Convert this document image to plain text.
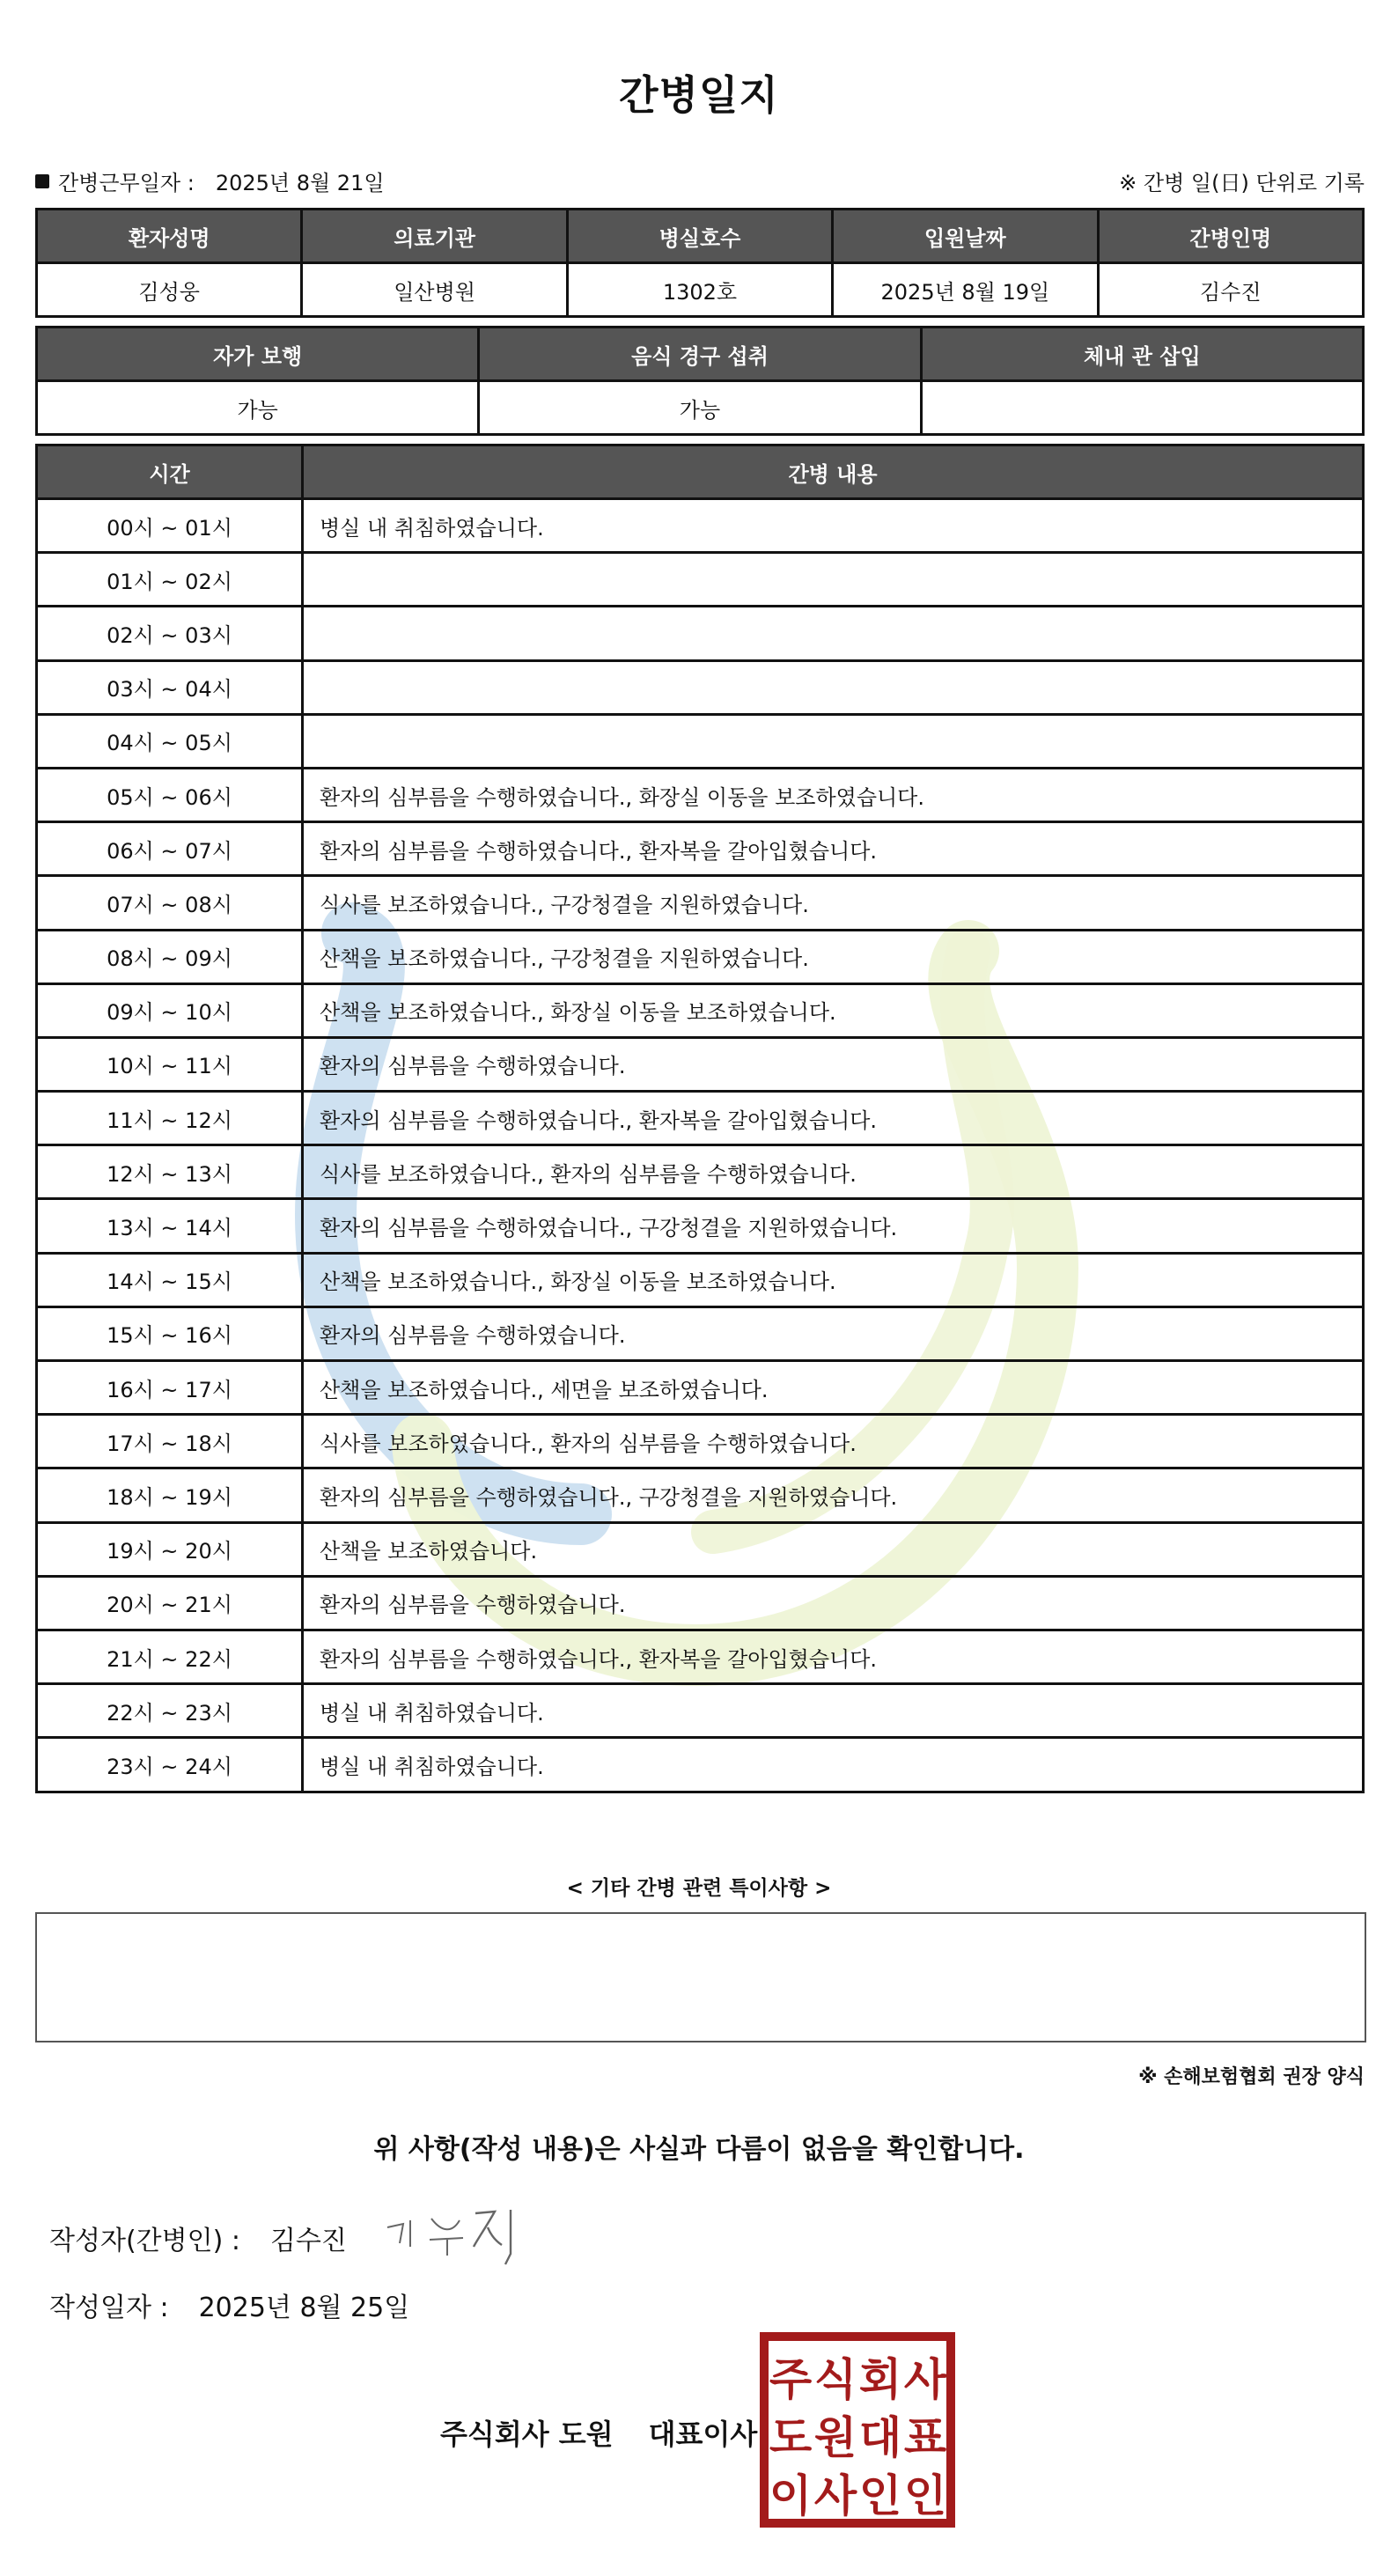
간병일지
간병근무일자 : 2025년 8월 21일	※ 간병 일(日) 단위로 기록
환자성명	의료기관	병실호수	입원날짜	간병인명
김성웅	일산병원	1302호	2025년 8월 19일	김수진
자가 보행	음식 경구 섭취	체내 관 삽입
가능	가능	
시간	간병 내용
00시 ~ 01시	병실 내 취침하였습니다.
01시 ~ 02시	
02시 ~ 03시	
03시 ~ 04시	
04시 ~ 05시	
05시 ~ 06시	환자의 심부름을 수행하였습니다., 화장실 이동을 보조하였습니다.
06시 ~ 07시	환자의 심부름을 수행하였습니다., 환자복을 갈아입혔습니다.
07시 ~ 08시	식사를 보조하였습니다., 구강청결을 지원하였습니다.
08시 ~ 09시	산책을 보조하였습니다., 구강청결을 지원하였습니다.
09시 ~ 10시	산책을 보조하였습니다., 화장실 이동을 보조하였습니다.
10시 ~ 11시	환자의 심부름을 수행하였습니다.
11시 ~ 12시	환자의 심부름을 수행하였습니다., 환자복을 갈아입혔습니다.
12시 ~ 13시	식사를 보조하였습니다., 환자의 심부름을 수행하였습니다.
13시 ~ 14시	환자의 심부름을 수행하였습니다., 구강청결을 지원하였습니다.
14시 ~ 15시	산책을 보조하였습니다., 화장실 이동을 보조하였습니다.
15시 ~ 16시	환자의 심부름을 수행하였습니다.
16시 ~ 17시	산책을 보조하였습니다., 세면을 보조하였습니다.
17시 ~ 18시	식사를 보조하였습니다., 환자의 심부름을 수행하였습니다.
18시 ~ 19시	환자의 심부름을 수행하였습니다., 구강청결을 지원하였습니다.
19시 ~ 20시	산책을 보조하였습니다.
20시 ~ 21시	환자의 심부름을 수행하였습니다.
21시 ~ 22시	환자의 심부름을 수행하였습니다., 환자복을 갈아입혔습니다.
22시 ~ 23시	병실 내 취침하였습니다.
23시 ~ 24시	병실 내 취침하였습니다.
< 기타 간병 관련 특이사항 >
※ 손해보험협회 권장 양식
위 사항(작성 내용)은 사실과 다름이 없음을 확인합니다.
작성자(간병인) : 김수진
작성일자 : 2025년 8월 25일
주식회사 도원 대표이사
주 식 회 사
도 원 대 표
이 사 인 인
